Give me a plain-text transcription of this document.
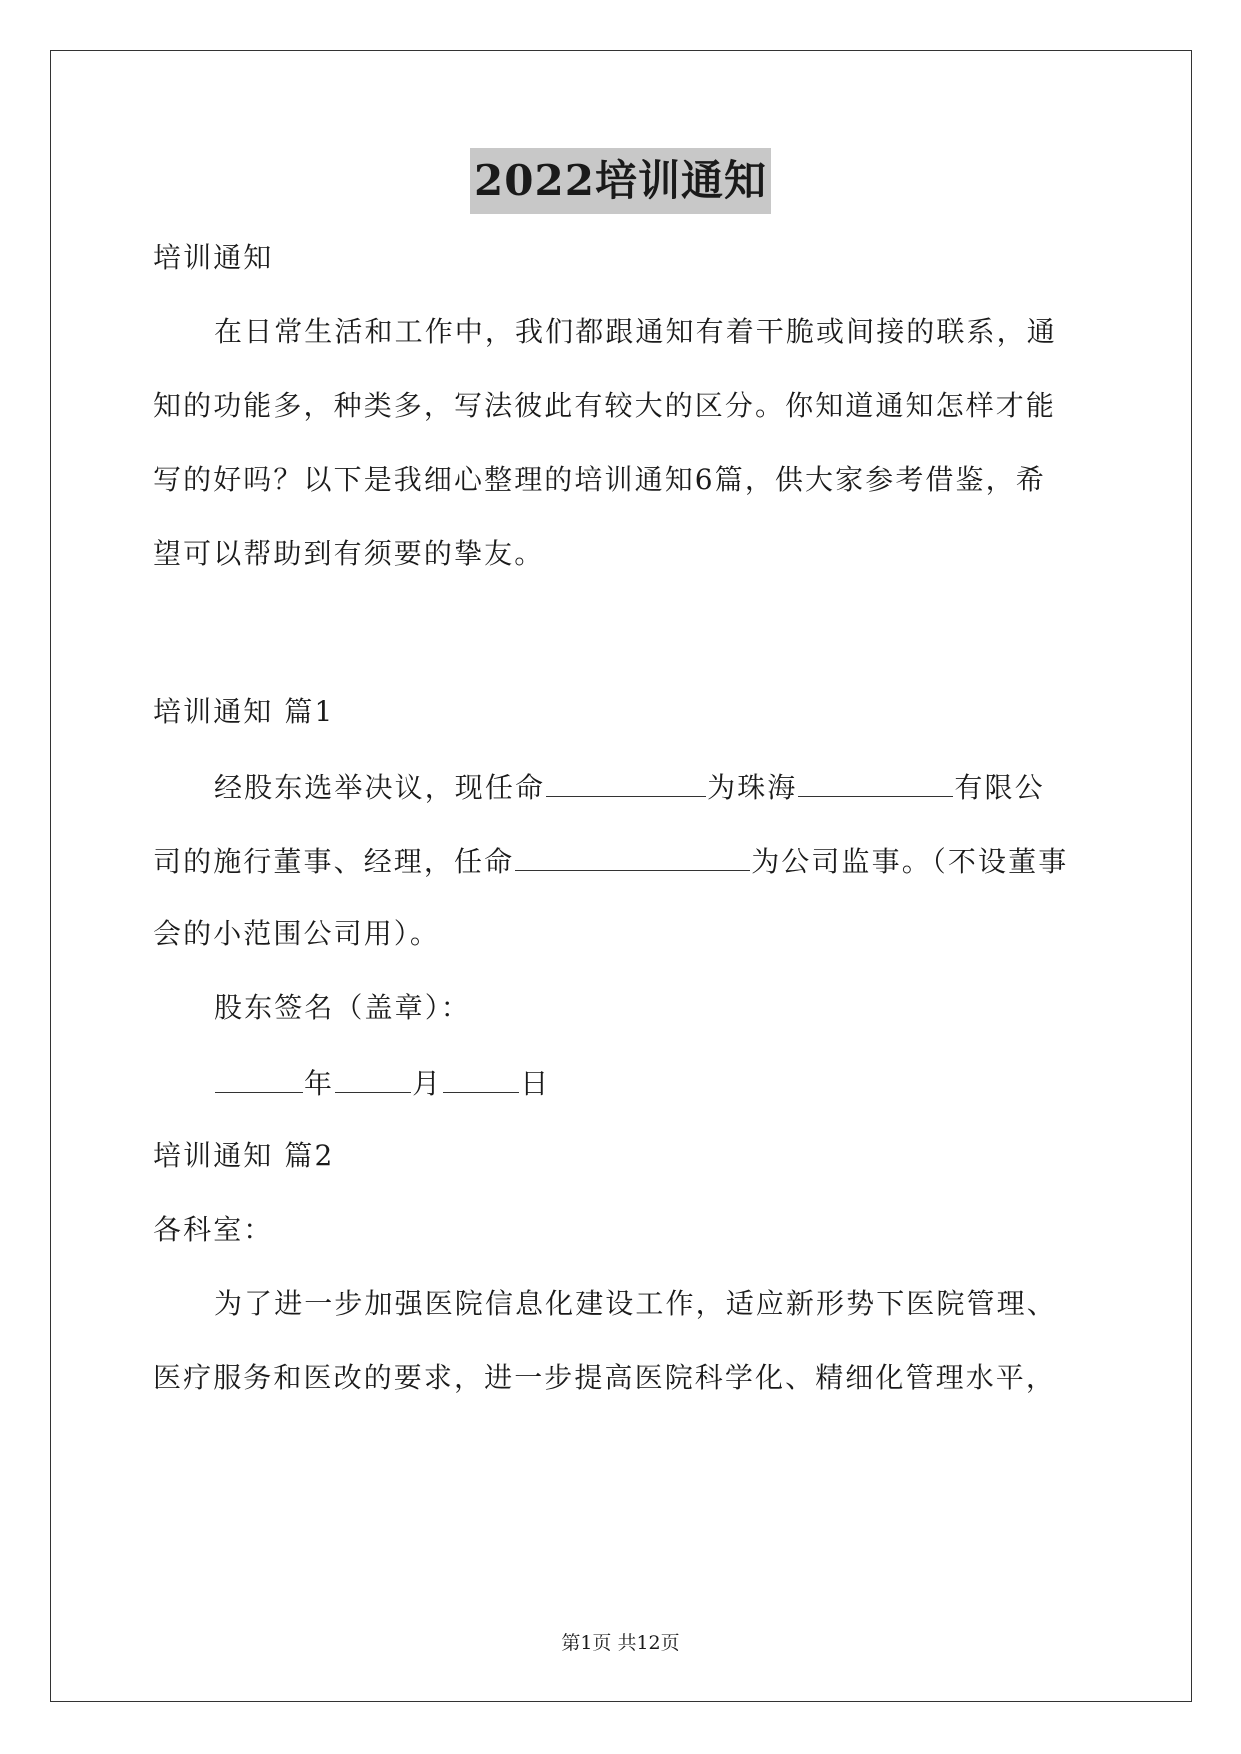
2022培训通知
培训通知
在日常生活和工作中，我们都跟通知有着干脆或间接的联系，通
知的功能多，种类多，写法彼此有较大的区分。你知道通知怎样才能
写的好吗？以下是我细心整理的培训通知6篇，供大家参考借鉴，希
望可以帮助到有须要的挚友。
培训通知 篇1
经股东选举决议，现任命	为珠海	有限公
司的施行董事、经理，任命	为公司监事。（不设董事
会的小范围公司用）。
股东签名（盖章）：
年	月	日
培训通知 篇2
各科室：
为了进一步加强医院信息化建设工作，适应新形势下医院管理、
医疗服务和医改的要求，进一步提高医院科学化、精细化管理水平，
第1页 共12页
